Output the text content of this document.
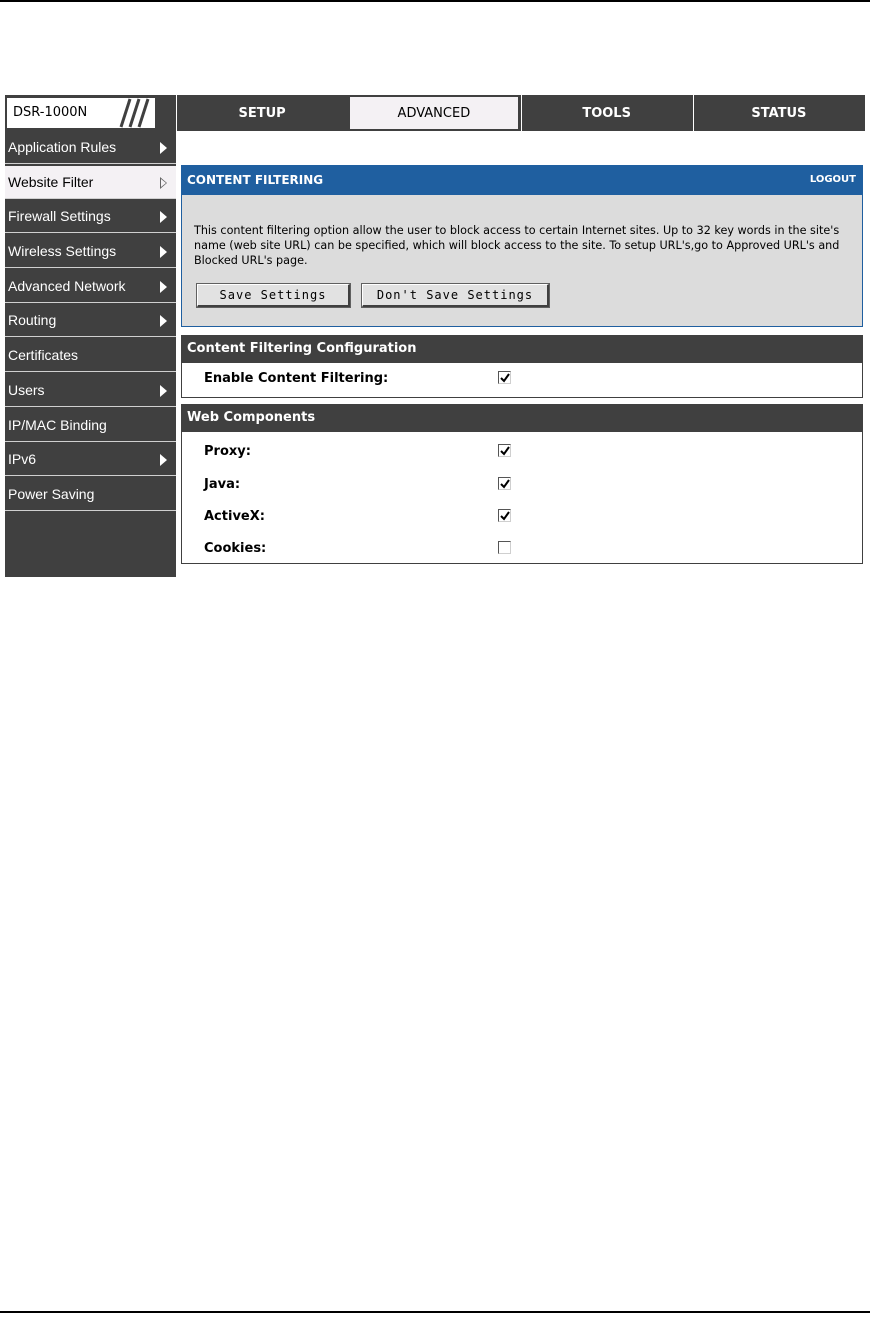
DSR-1000N	SETUP	ADVANCED	TOOLS	STATUS
Application Rules
Website Filter
Firewall Settings
Wireless Settings
Advanced Network
Routing
Certificates
Users
IP/MAC Binding
IPv6
Power Saving
CONTENT FILTERING	LOGOUT
This content filtering option allow the user to block access to certain Internet sites. Up to 32 key words in the site's name (web site URL) can be specified, which will block access to the site. To setup URL's,go to Approved URL's and Blocked URL's page.
Save Settings	Don't Save Settings
Content Filtering Configuration
Enable Content Filtering:
Web Components
Proxy:
Java:
ActiveX:
Cookies:
